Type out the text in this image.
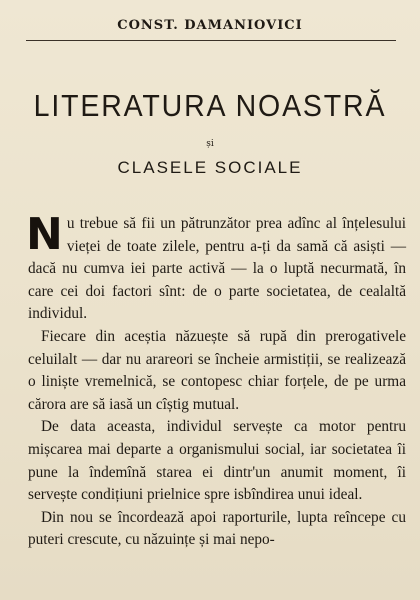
CONST. DAMANIOVICI
LITERATURA NOASTRĂ
și
CLASELE SOCIALE

Nu trebue să fii un pătrunzător prea adînc al înțelesului vieței de toate zilele, pentru a-ți da samă că asiști — dacă nu cumva iei parte activă — la o luptă necurmată, în care cei doi factori sînt: de o parte societatea, de cealaltă individul.

Fiecare din aceștia năzuește să rupă din prerogativele celuilalt — dar nu arareori se încheie armistiții, se realizează o liniște vremelnică, se contopesc chiar forțele, de pe urma cărora are să iasă un cîștig mutual.

De data aceasta, individul servește ca motor pentru mișcarea mai departe a organismului social, iar societatea îi pune la îndemînă starea ei dintr'un anumit moment, îi servește condițiuni prielnice spre isbîndirea unui ideal.

Din nou se încordează apoi raporturile, lupta reîncepe cu puteri crescute, cu năzuințe și mai nepo-
